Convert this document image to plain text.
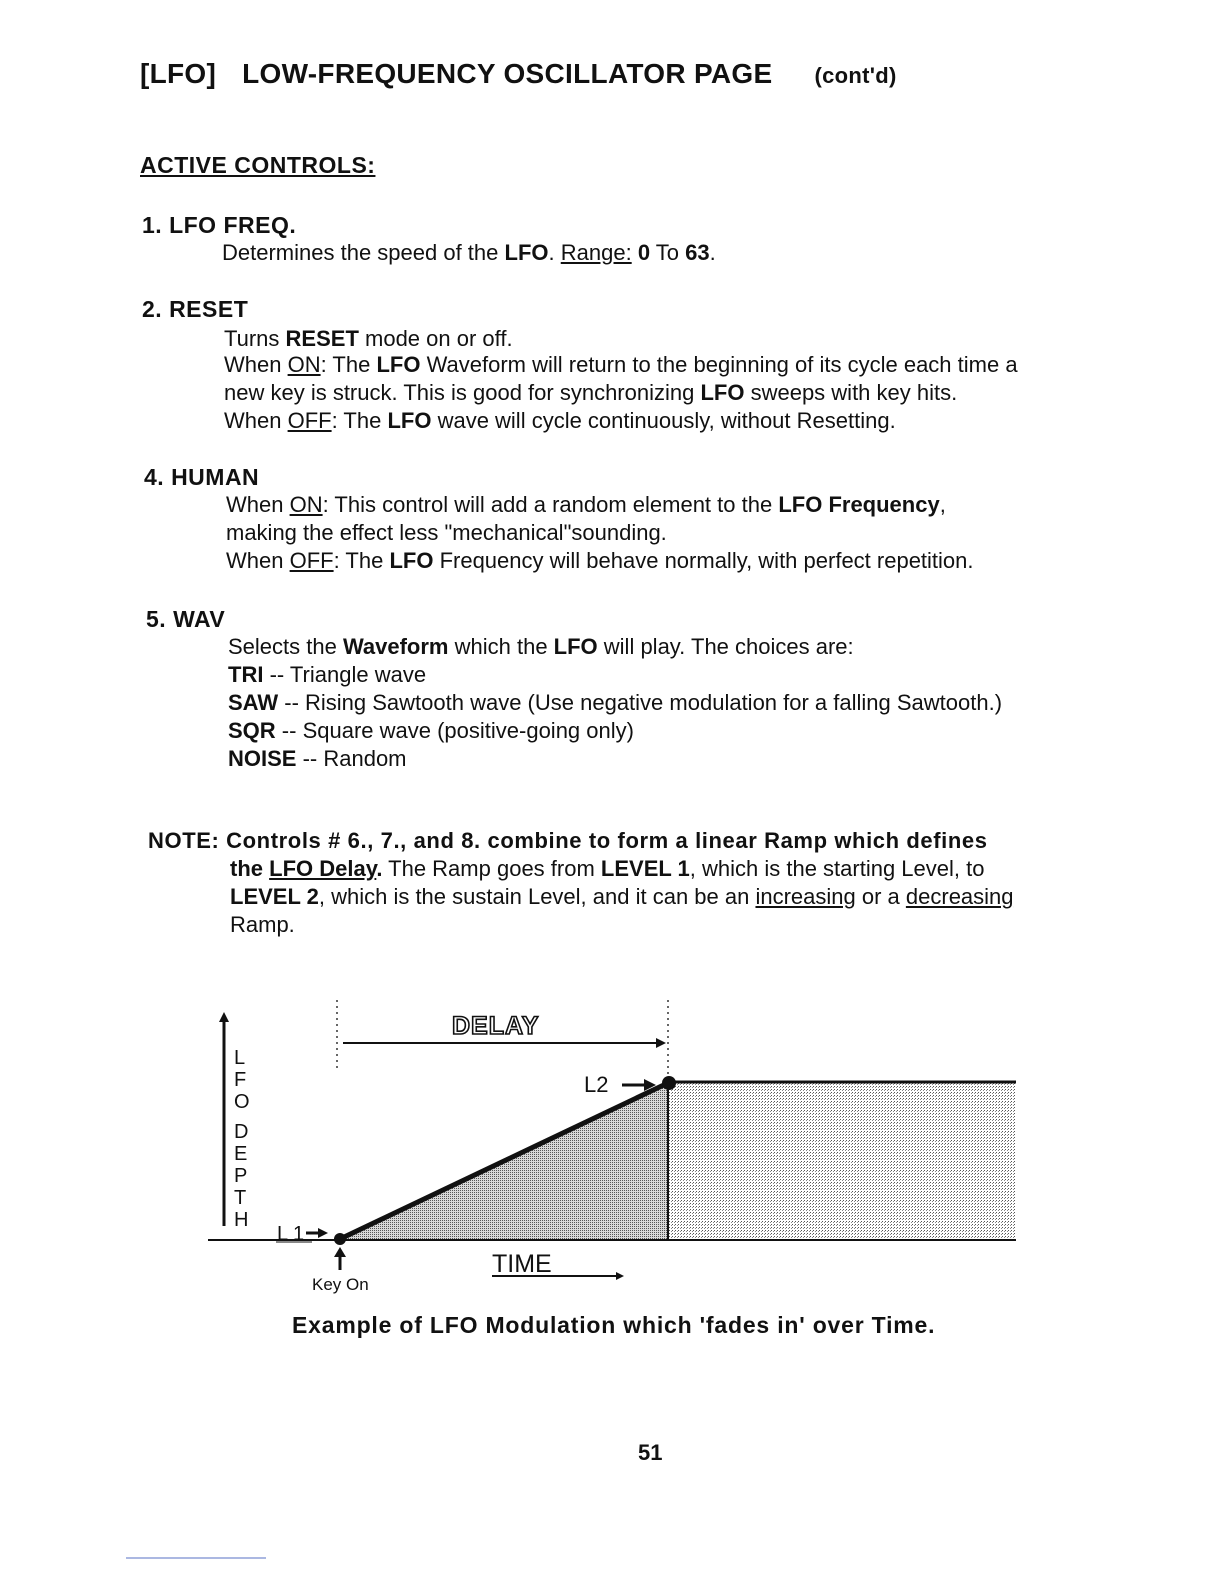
[LFO] LOW-FREQUENCY OSCILLATOR PAGE (cont'd)
ACTIVE CONTROLS:
1. LFO FREQ.
Determines the speed of the LFO. Range: 0 To 63.
2. RESET
Turns RESET mode on or off.
When ON: The LFO Waveform will return to the beginning of its cycle each time a
new key is struck. This is good for synchronizing LFO sweeps with key hits.
When OFF: The LFO wave will cycle continuously, without Resetting.
4. HUMAN
When ON: This control will add a random element to the LFO Frequency,
making the effect less "mechanical"sounding.
When OFF: The LFO Frequency will behave normally, with perfect repetition.
5. WAV
Selects the Waveform which the LFO will play. The choices are:
TRI -- Triangle wave
SAW -- Rising Sawtooth wave (Use negative modulation for a falling Sawtooth.)
SQR -- Square wave (positive-going only)
NOISE -- Random
NOTE: Controls # 6., 7., and 8. combine to form a linear Ramp which defines
the LFO Delay. The Ramp goes from LEVEL 1, which is the starting Level, to
LEVEL 2, which is the sustain Level, and it can be an increasing or a decreasing
Ramp.
DELAY
L2
L 1
Key On
TIME
L
F
O
D
E
P
T
H
Example of LFO Modulation which 'fades in' over Time.
51
